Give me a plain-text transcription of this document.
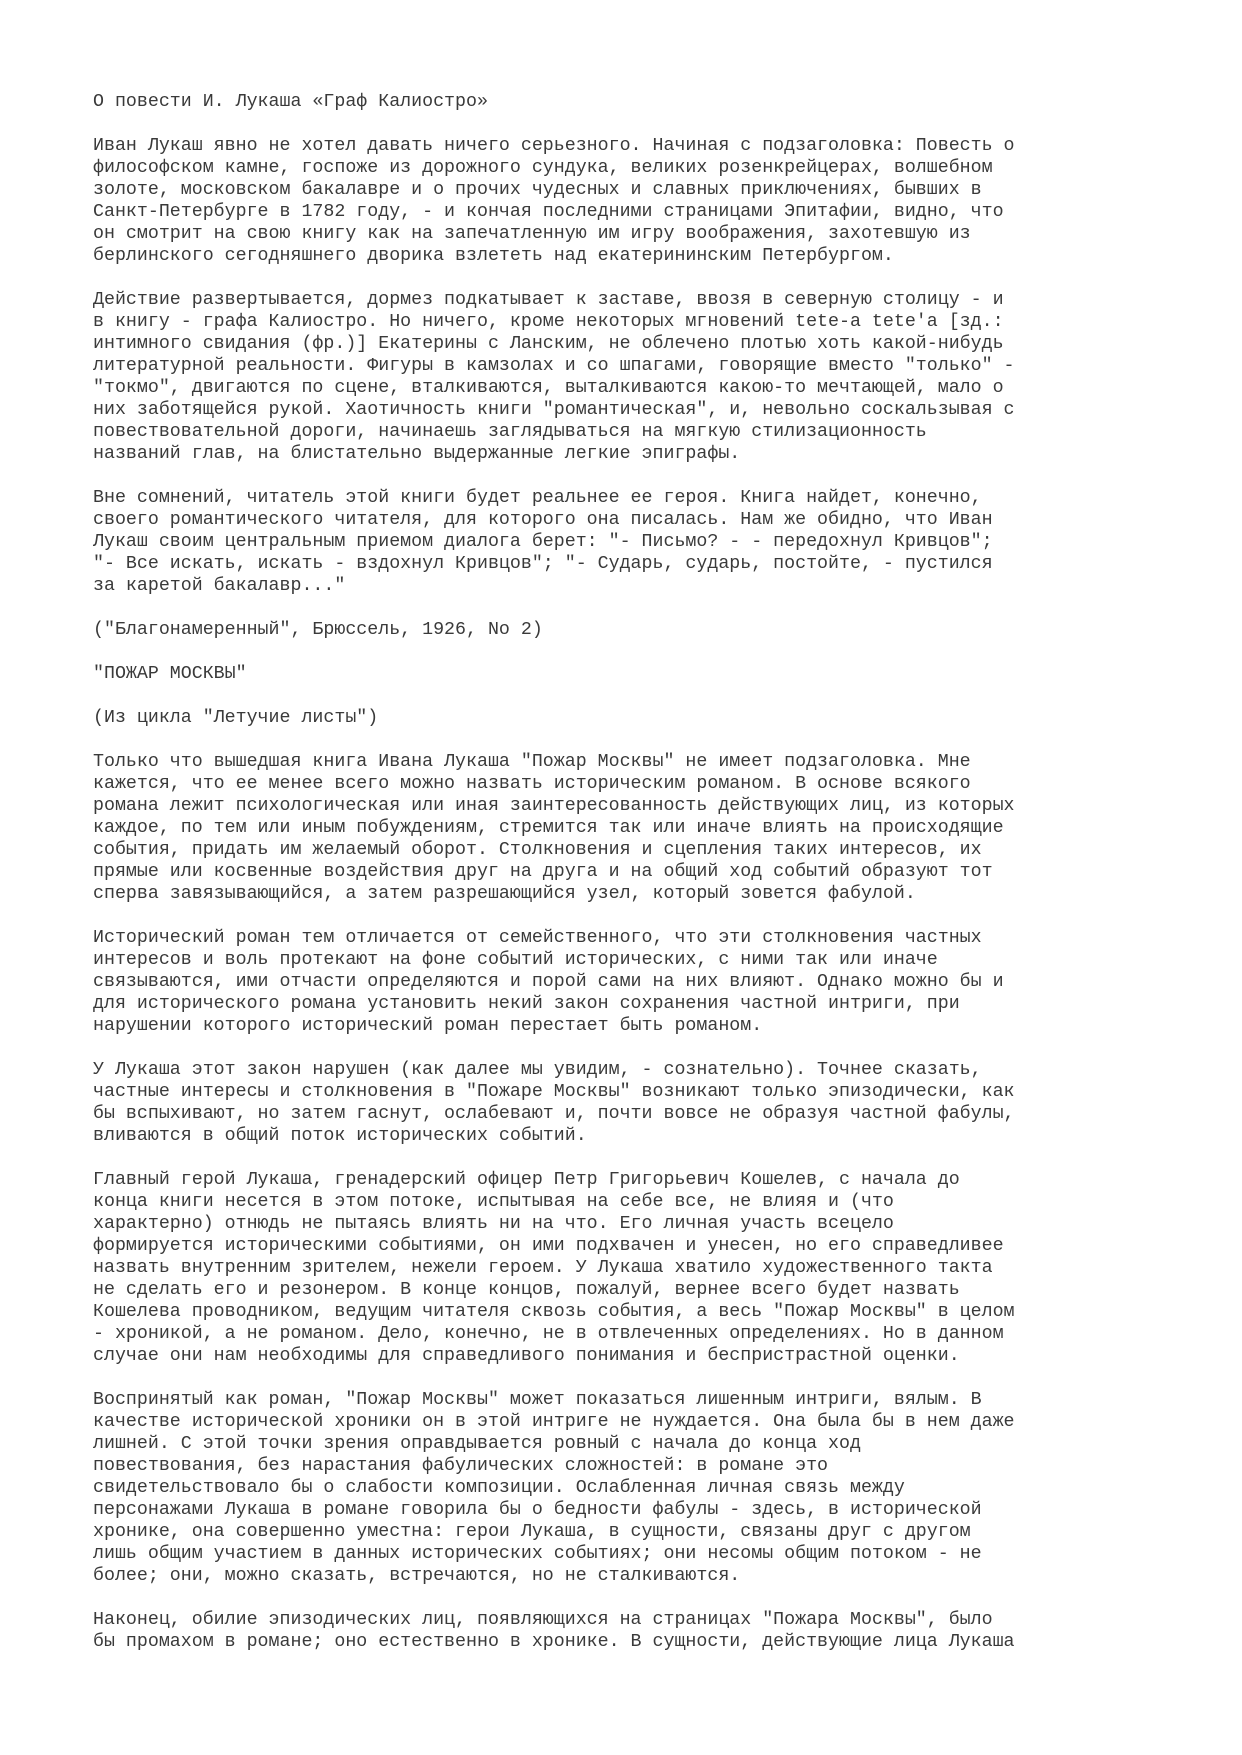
О повести И. Лукаша «Граф Калиостро»
Иван Лукаш явно не хотел давать ничего серьезного. Начиная с подзаголовка: Повесть о
философском камне, госпоже из дорожного сундука, великих розенкрейцерах, волшебном
золоте, московском бакалавре и о прочих чудесных и славных приключениях, бывших в
Санкт-Петербурге в 1782 году, - и кончая последними страницами Эпитафии, видно, что
он смотрит на свою книгу как на запечатленную им игру воображения, захотевшую из
берлинского сегодняшнего дворика взлететь над екатерининским Петербургом.
Действие развертывается, дормез подкатывает к заставе, ввозя в северную столицу - и
в книгу - графа Калиостро. Но ничего, кроме некоторых мгновений tete-a tete'a [зд.:
интимного свидания (фр.)] Екатерины с Ланским, не облечено плотью хоть какой-нибудь
литературной реальности. Фигуры в камзолах и со шпагами, говорящие вместо "только" -
"токмо", двигаются по сцене, вталкиваются, выталкиваются какою-то мечтающей, мало о
них заботящейся рукой. Хаотичность книги "романтическая", и, невольно соскальзывая с
повествовательной дороги, начинаешь заглядываться на мягкую стилизационность
названий глав, на блистательно выдержанные легкие эпиграфы.
Вне сомнений, читатель этой книги будет реальнее ее героя. Книга найдет, конечно,
своего романтического читателя, для которого она писалась. Нам же обидно, что Иван
Лукаш своим центральным приемом диалога берет: "- Письмо? - - передохнул Кривцов";
"- Все искать, искать - вздохнул Кривцов"; "- Сударь, сударь, постойте, - пустился
за каретой бакалавр..."
("Благонамеренный", Брюссель, 1926, No 2)
"ПОЖАР МОСКВЫ"
(Из цикла "Летучие листы")
Только что вышедшая книга Ивана Лукаша "Пожар Москвы" не имеет подзаголовка. Мне
кажется, что ее менее всего можно назвать историческим романом. В основе всякого
романа лежит психологическая или иная заинтересованность действующих лиц, из которых
каждое, по тем или иным побуждениям, стремится так или иначе влиять на происходящие
события, придать им желаемый оборот. Столкновения и сцепления таких интересов, их
прямые или косвенные воздействия друг на друга и на общий ход событий образуют тот
сперва завязывающийся, а затем разрешающийся узел, который зовется фабулой.
Исторический роман тем отличается от семейственного, что эти столкновения частных
интересов и воль протекают на фоне событий исторических, с ними так или иначе
связываются, ими отчасти определяются и порой сами на них влияют. Однако можно бы и
для исторического романа установить некий закон сохранения частной интриги, при
нарушении которого исторический роман перестает быть романом.
У Лукаша этот закон нарушен (как далее мы увидим, - сознательно). Точнее сказать,
частные интересы и столкновения в "Пожаре Москвы" возникают только эпизодически, как
бы вспыхивают, но затем гаснут, ослабевают и, почти вовсе не образуя частной фабулы,
вливаются в общий поток исторических событий.
Главный герой Лукаша, гренадерский офицер Петр Григорьевич Кошелев, с начала до
конца книги несется в этом потоке, испытывая на себе все, не влияя и (что
характерно) отнюдь не пытаясь влиять ни на что. Его личная участь всецело
формируется историческими событиями, он ими подхвачен и унесен, но его справедливее
назвать внутренним зрителем, нежели героем. У Лукаша хватило художественного такта
не сделать его и резонером. В конце концов, пожалуй, вернее всего будет назвать
Кошелева проводником, ведущим читателя сквозь события, а весь "Пожар Москвы" в целом
- хроникой, а не романом. Дело, конечно, не в отвлеченных определениях. Но в данном
случае они нам необходимы для справедливого понимания и беспристрастной оценки.
Воспринятый как роман, "Пожар Москвы" может показаться лишенным интриги, вялым. В
качестве исторической хроники он в этой интриге не нуждается. Она была бы в нем даже
лишней. С этой точки зрения оправдывается ровный с начала до конца ход
повествования, без нарастания фабулических сложностей: в романе это
свидетельствовало бы о слабости композиции. Ослабленная личная связь между
персонажами Лукаша в романе говорила бы о бедности фабулы - здесь, в исторической
хронике, она совершенно уместна: герои Лукаша, в сущности, связаны друг с другом
лишь общим участием в данных исторических событиях; они несомы общим потоком - не
более; они, можно сказать, встречаются, но не сталкиваются.
Наконец, обилие эпизодических лиц, появляющихся на страницах "Пожара Москвы", было
бы промахом в романе; оно естественно в хронике. В сущности, действующие лица Лукаша
